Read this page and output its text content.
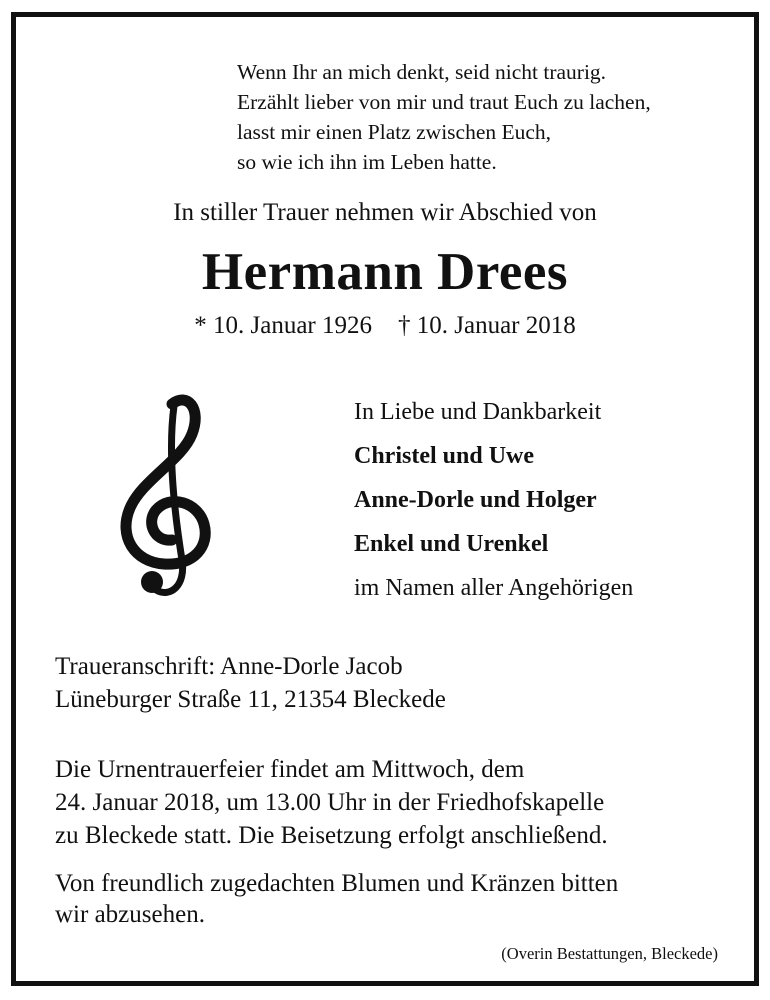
Wenn Ihr an mich denkt, seid nicht traurig.
Erzählt lieber von mir und traut Euch zu lachen,
lasst mir einen Platz zwischen Euch,
so wie ich ihn im Leben hatte.
In stiller Trauer nehmen wir Abschied von
Hermann Drees
* 10. Januar 1926 † 10. Januar 2018
In Liebe und Dankbarkeit
Christel und Uwe
Anne-Dorle und Holger
Enkel und Urenkel
im Namen aller Angehörigen
Traueranschrift: Anne-Dorle Jacob
Lüneburger Straße 11, 21354 Bleckede
Die Urnentrauerfeier findet am Mittwoch, dem
24. Januar 2018, um 13.00 Uhr in der Friedhofskapelle
zu Bleckede statt. Die Beisetzung erfolgt anschließend.
Von freundlich zugedachten Blumen und Kränzen bitten
wir abzusehen.
(Overin Bestattungen, Bleckede)
